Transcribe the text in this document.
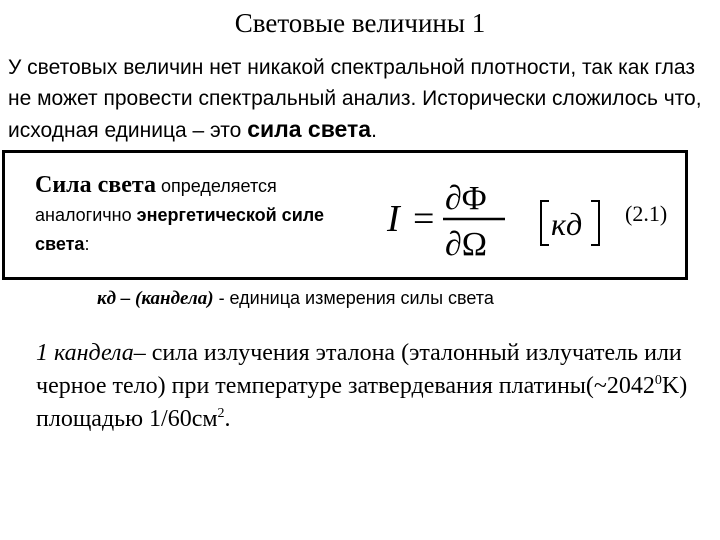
Световые величины 1
У световых величин нет никакой спектральной плотности, так как глаз не может провести спектральный анализ. Исторически сложилось что, исходная единица – это сила света.
Сила света определяется аналогично энергетической силе света:
I = ∂Φ
∂Ω
кд (2.1)
кд – (кандела) - единица измерения силы света
1 кандела– сила излучения эталона (эталонный излучатель или черное тело) при температуре затвердевания платины(~2042$^0$K) площадью $1/60см^2$.
